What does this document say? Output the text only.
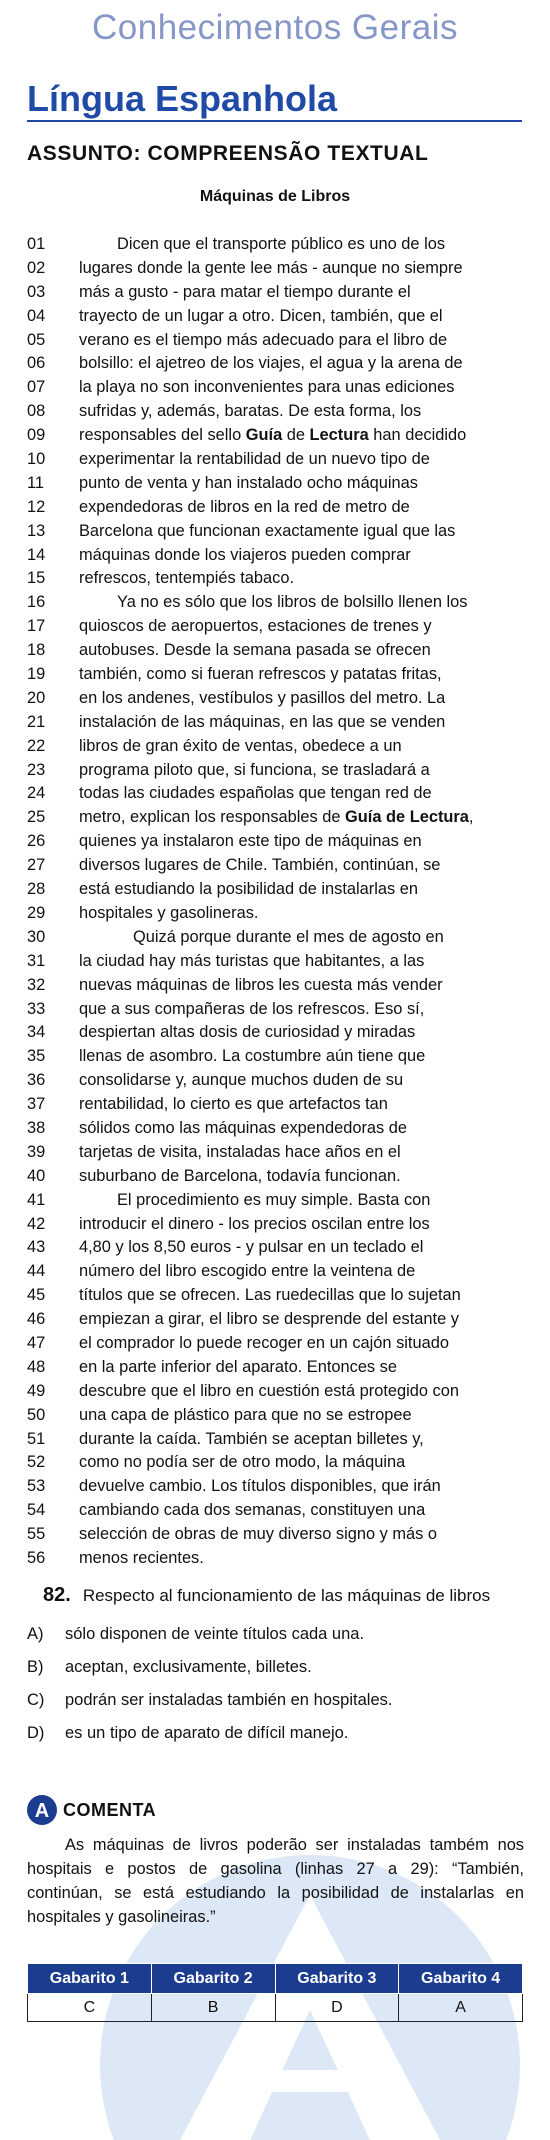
Conhecimentos Gerais
Língua Espanhola
ASSUNTO: COMPREENSÃO TEXTUAL
Máquinas de Libros
01	Dicen que el transporte público es uno de los
02	lugares donde la gente lee más - aunque no siempre
03	más a gusto - para matar el tiempo durante el
04	trayecto de un lugar a otro. Dicen, también, que el
05	verano es el tiempo más adecuado para el libro de
06	bolsillo: el ajetreo de los viajes, el agua y la arena de
07	la playa no son inconvenientes para unas ediciones
08	sufridas y, además, baratas. De esta forma, los
09	responsables del sello Guía de Lectura han decidido
10	experimentar la rentabilidad de un nuevo tipo de
11	punto de venta y han instalado ocho máquinas
12	expendedoras de libros en la red de metro de
13	Barcelona que funcionan exactamente igual que las
14	máquinas donde los viajeros pueden comprar
15	refrescos, tentempiés tabaco.
16	Ya no es sólo que los libros de bolsillo llenen los
17	quioscos de aeropuertos, estaciones de trenes y
18	autobuses. Desde la semana pasada se ofrecen
19	también, como si fueran refrescos y patatas fritas,
20	en los andenes, vestíbulos y pasillos del metro. La
21	instalación de las máquinas, en las que se venden
22	libros de gran éxito de ventas, obedece a un
23	programa piloto que, si funciona, se trasladará a
24	todas las ciudades españolas que tengan red de
25	metro, explican los responsables de Guía de Lectura,
26	quienes ya instalaron este tipo de máquinas en
27	diversos lugares de Chile. También, continúan, se
28	está estudiando la posibilidad de instalarlas en
29	hospitales y gasolineras.
30	Quizá porque durante el mes de agosto en
31	la ciudad hay más turistas que habitantes, a las
32	nuevas máquinas de libros les cuesta más vender
33	que a sus compañeras de los refrescos. Eso sí,
34	despiertan altas dosis de curiosidad y miradas
35	llenas de asombro. La costumbre aún tiene que
36	consolidarse y, aunque muchos duden de su
37	rentabilidad, lo cierto es que artefactos tan
38	sólidos como las máquinas expendedoras de
39	tarjetas de visita, instaladas hace años en el
40	suburbano de Barcelona, todavía funcionan.
41	El procedimiento es muy simple. Basta con
42	introducir el dinero - los precios oscilan entre los
43	4,80 y los 8,50 euros - y pulsar en un teclado el
44	número del libro escogido entre la veintena de
45	títulos que se ofrecen. Las ruedecillas que lo sujetan
46	empiezan a girar, el libro se desprende del estante y
47	el comprador lo puede recoger en un cajón situado
48	en la parte inferior del aparato. Entonces se
49	descubre que el libro en cuestión está protegido con
50	una capa de plástico para que no se estropee
51	durante la caída. También se aceptan billetes y,
52	como no podía ser de otro modo, la máquina
53	devuelve cambio. Los títulos disponibles, que irán
54	cambiando cada dos semanas, constituyen una
55	selección de obras de muy diverso signo y más o
56	menos recientes.
82. Respecto al funcionamiento de las máquinas de libros
A)	sólo disponen de veinte títulos cada una.
B)	aceptan, exclusivamente, billetes.
C)	podrán ser instaladas también en hospitales.
D)	es un tipo de aparato de difícil manejo.
A COMENTA
As máquinas de livros poderão ser instaladas também nos hospitais e postos de gasolina (linhas 27 a 29): “También, continúan, se está estudiando la posibilidad de instalarlas en hospitales y gasolineiras.”
Gabarito 1	Gabarito 2	Gabarito 3	Gabarito 4
C	B	D	A
